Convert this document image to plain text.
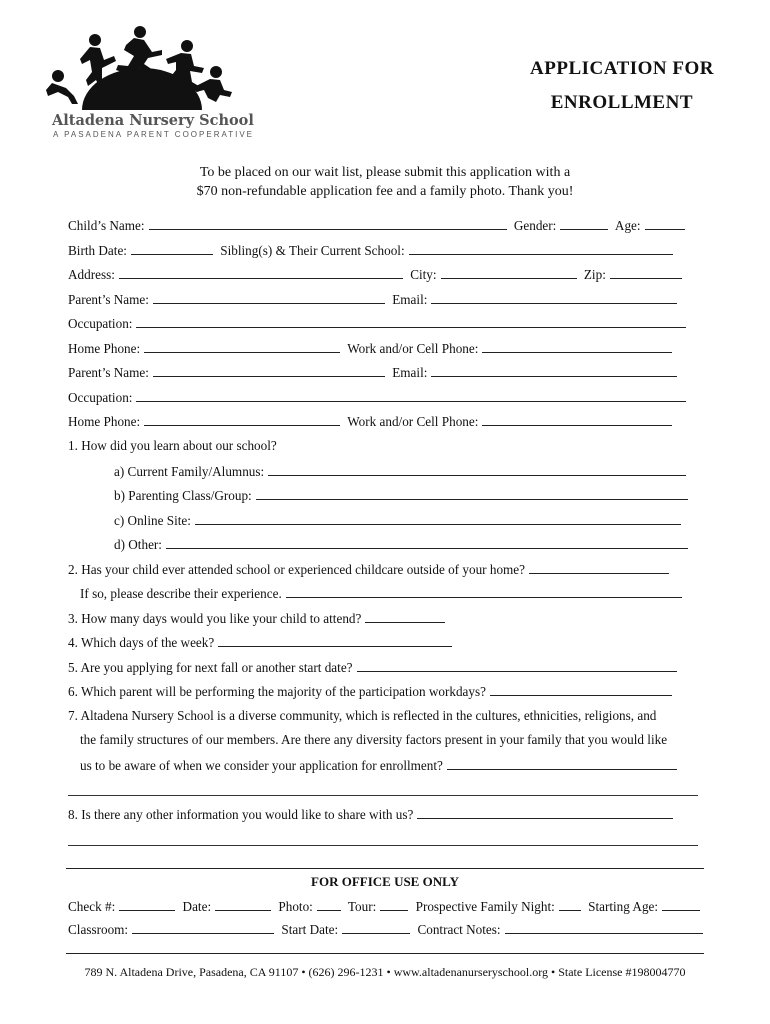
Altadena Nursery School
A PASADENA PARENT COOPERATIVE
APPLICATION FOR
ENROLLMENT
To be placed on our wait list, please submit this application with a
$70 non-refundable application fee and a family photo. Thank you!
Child’s Name:	Gender:	Age:
Birth Date:	Sibling(s) & Their Current School:
Address:	City:	Zip:
Parent’s Name:	Email:
Occupation:
Home Phone:	Work and/or Cell Phone:
Parent’s Name:	Email:
Occupation:
Home Phone:	Work and/or Cell Phone:
1. How did you learn about our school?
a) Current Family/Alumnus:
b) Parenting Class/Group:
c) Online Site:
d) Other:
2. Has your child ever attended school or experienced childcare outside of your home?
If so, please describe their experience.
3. How many days would you like your child to attend?
4. Which days of the week?
5. Are you applying for next fall or another start date?
6. Which parent will be performing the majority of the participation workdays?
7. Altadena Nursery School is a diverse community, which is reflected in the cultures, ethnicities, religions, and
the family structures of our members. Are there any diversity factors present in your family that you would like
us to be aware of when we consider your application for enrollment?
8. Is there any other information you would like to share with us?
FOR OFFICE USE ONLY
Check #:	Date:	Photo:	Tour:	Prospective Family Night:	Starting Age:
Classroom:	Start Date:	Contract Notes:
789 N. Altadena Drive, Pasadena, CA 91107 • (626) 296-1231 • www.altadenanurseryschool.org • State License #198004770
